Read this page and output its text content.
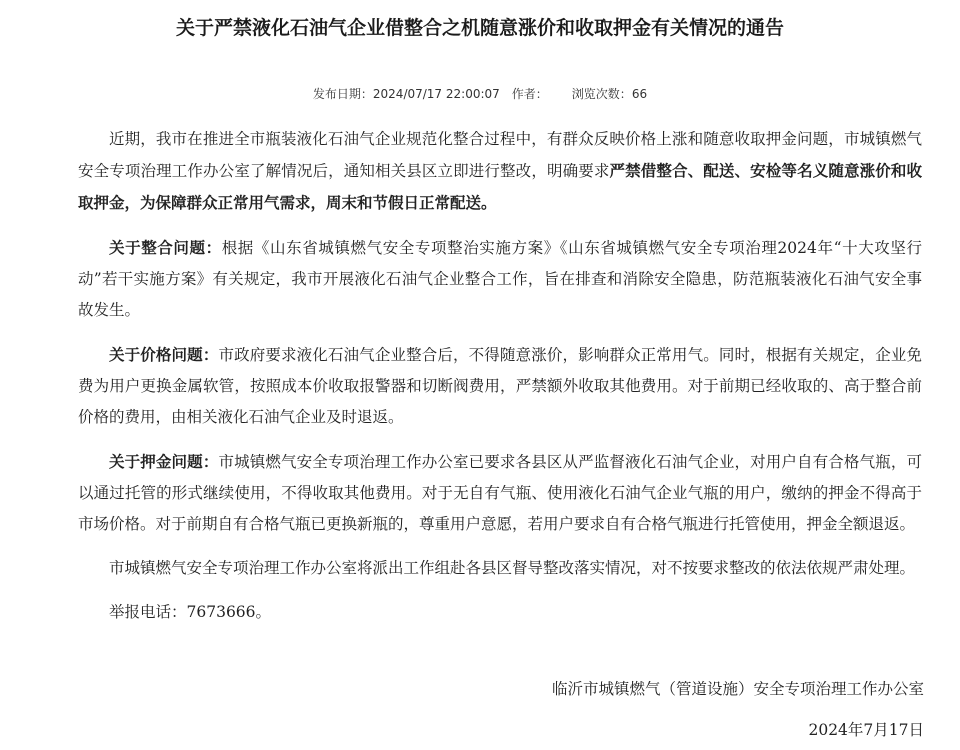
关于严禁液化石油气企业借整合之机随意涨价和收取押金有关情况的通告
发布日期：2024/07/17 22:00:07 作者： 浏览次数：66

近期，我市在推进全市瓶装液化石油气企业规范化整合过程中，有群众反映价格上涨和随意收取押金问题，市城镇燃气安全专项治理工作办公室了解情况后，通知相关县区立即进行整改，明确要求严禁借整合、配送、安检等名义随意涨价和收取押金，为保障群众正常用气需求，周末和节假日正常配送。

关于整合问题：根据《山东省城镇燃气安全专项整治实施方案》《山东省城镇燃气安全专项治理2024年“十大攻坚行动”若干实施方案》有关规定，我市开展液化石油气企业整合工作，旨在排查和消除安全隐患，防范瓶装液化石油气安全事故发生。

关于价格问题：市政府要求液化石油气企业整合后，不得随意涨价，影响群众正常用气。同时，根据有关规定，企业免费为用户更换金属软管，按照成本价收取报警器和切断阀费用，严禁额外收取其他费用。对于前期已经收取的、高于整合前价格的费用，由相关液化石油气企业及时退返。

关于押金问题：市城镇燃气安全专项治理工作办公室已要求各县区从严监督液化石油气企业，对用户自有合格气瓶，可以通过托管的形式继续使用，不得收取其他费用。对于无自有气瓶、使用液化石油气企业气瓶的用户，缴纳的押金不得高于市场价格。对于前期自有合格气瓶已更换新瓶的，尊重用户意愿，若用户要求自有合格气瓶进行托管使用，押金全额退返。

市城镇燃气安全专项治理工作办公室将派出工作组赴各县区督导整改落实情况，对不按要求整改的依法依规严肃处理。

举报电话：7673666。

临沂市城镇燃气（管道设施）安全专项治理工作办公室
2024年7月17日
